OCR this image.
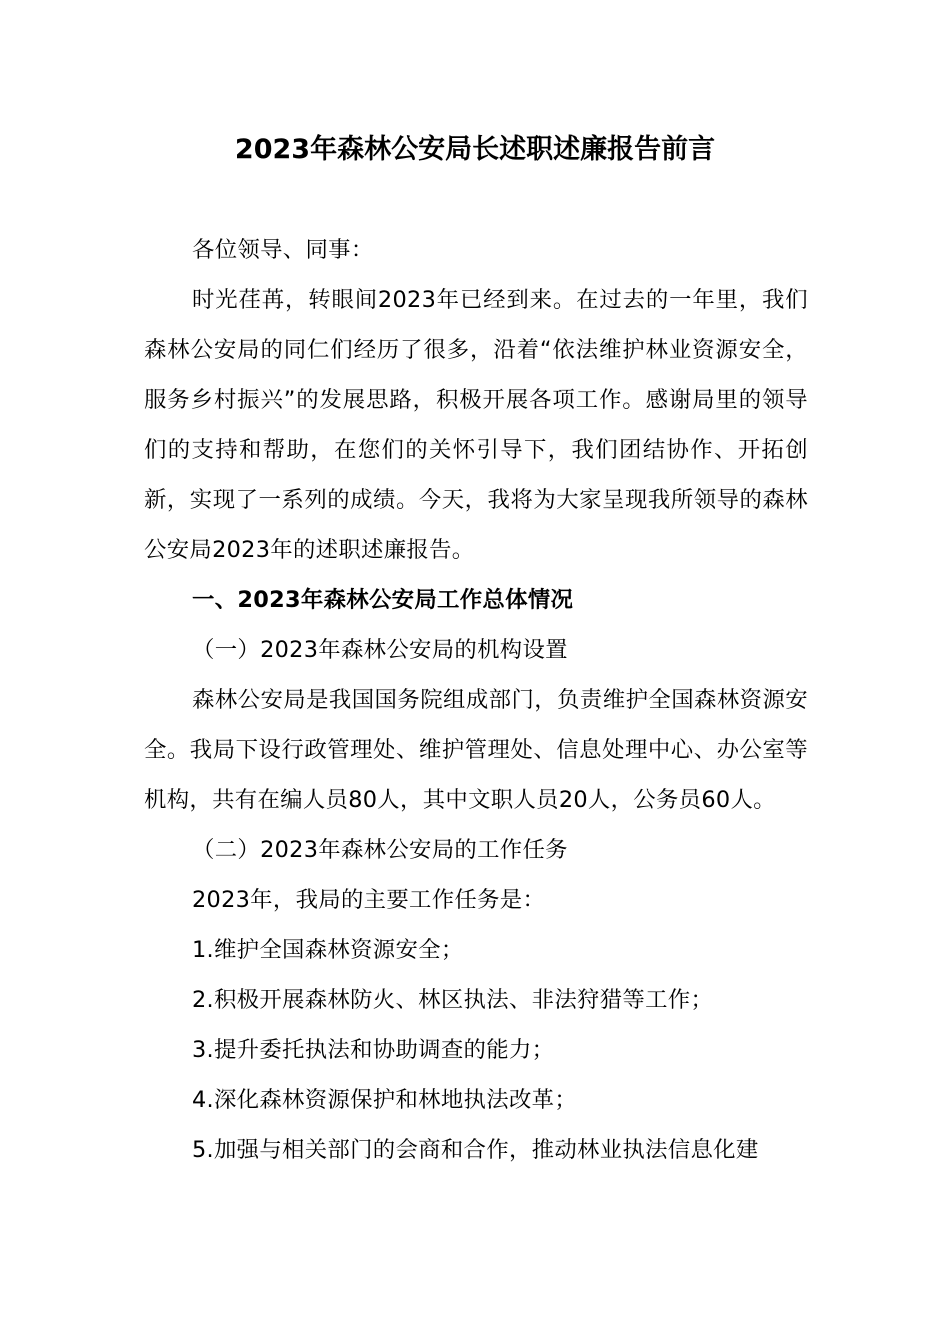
2023年森林公安局长述职述廉报告前言

各位领导、同事：

时光荏苒，转眼间2023年已经到来。在过去的一年里，我们森林公安局的同仁们经历了很多，沿着“依法维护林业资源安全，服务乡村振兴”的发展思路，积极开展各项工作。感谢局里的领导们的支持和帮助，在您们的关怀引导下，我们团结协作、开拓创新，实现了一系列的成绩。今天，我将为大家呈现我所领导的森林公安局2023年的述职述廉报告。

一、2023年森林公安局工作总体情况

（一）2023年森林公安局的机构设置

森林公安局是我国国务院组成部门，负责维护全国森林资源安全。我局下设行政管理处、维护管理处、信息处理中心、办公室等机构，共有在编人员80人，其中文职人员20人，公务员60人。

（二）2023年森林公安局的工作任务

2023年，我局的主要工作任务是：

1.维护全国森林资源安全；

2.积极开展森林防火、林区执法、非法狩猎等工作；

3.提升委托执法和协助调查的能力；

4.深化森林资源保护和林地执法改革；

5.加强与相关部门的会商和合作，推动林业执法信息化建
